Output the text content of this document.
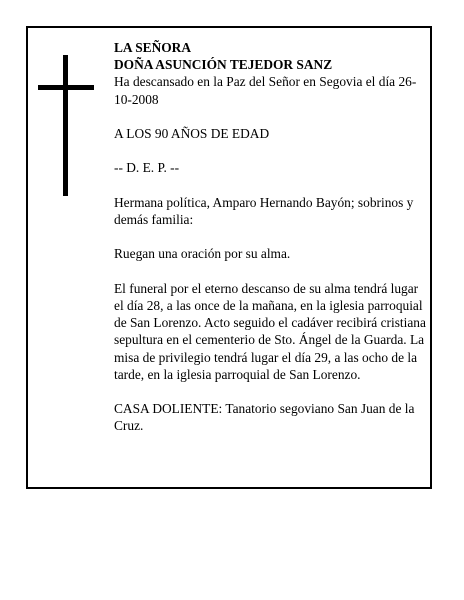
LA SEÑORA

DOÑA ASUNCIÓN TEJEDOR SANZ

Ha descansado en la Paz del Señor en Segovia el día 26-10-2008

A LOS 90 AÑOS DE EDAD

-- D. E. P. --

Hermana política, Amparo Hernando Bayón; sobrinos y demás familia:

Ruegan una oración por su alma.

El funeral por el eterno descanso de su alma tendrá lugar el día 28, a las once de la mañana, en la iglesia parroquial de San Lorenzo. Acto seguido el cadáver recibirá cristiana sepultura en el cementerio de Sto. Ángel de la Guarda. La misa de privilegio tendrá lugar el día 29, a las ocho de la tarde, en la iglesia parroquial de San Lorenzo.

CASA DOLIENTE: Tanatorio segoviano San Juan de la Cruz.
